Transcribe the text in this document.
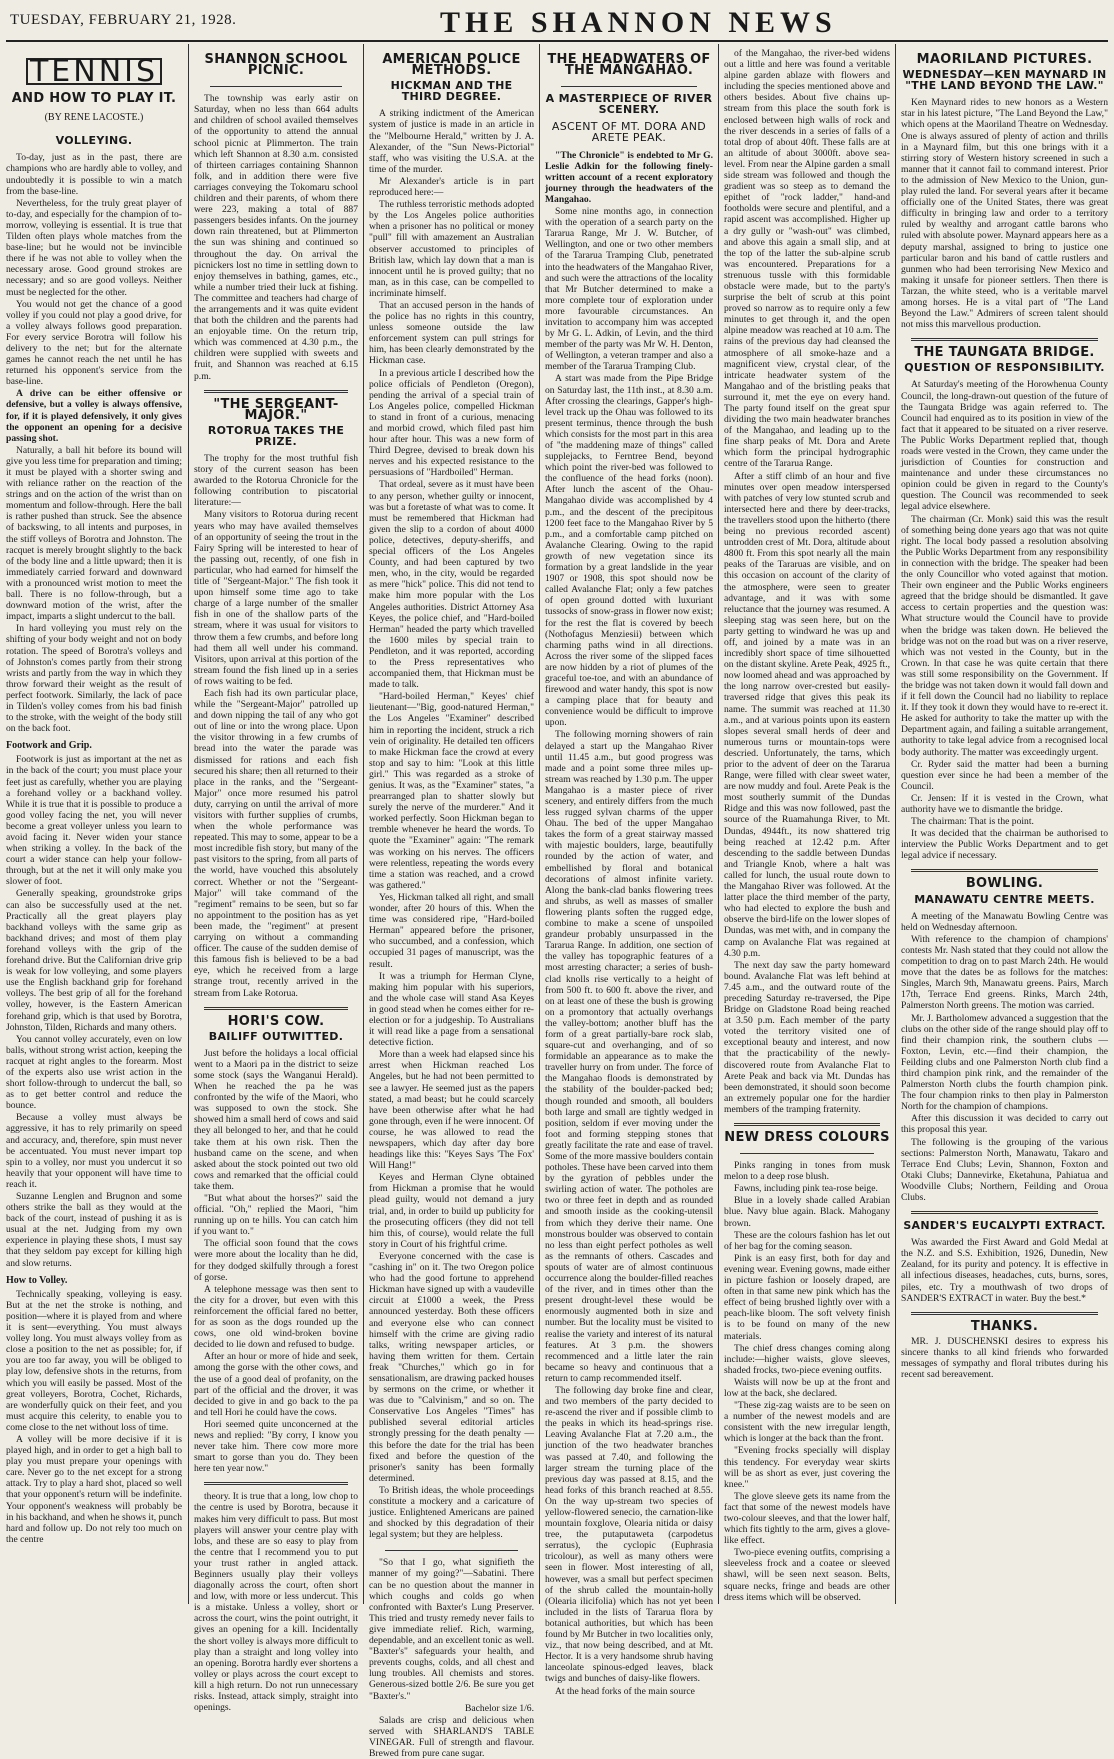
TUESDAY, FEBRUARY 21, 1928.	THE SHANNON NEWS
TENNIS
AND HOW TO PLAY IT.
(BY RENE LACOSTE.)
VOLLEYING.

To-day, just as in the past, there are champions who are hardly able to volley, and undoubtedly it is possible to win a match from the base-line.

Nevertheless, for the truly great player of to-day, and especially for the champion of to-morrow, volleying is essential. It is true that Tilden often plays whole matches from the base-line; but he would not be invincible there if he was not able to volley when the necessary arose. Good ground strokes are necessary; and so are good volleys. Neither must be neglected for the other.

You would not get the chance of a good volley if you could not play a good drive, for a volley always follows good preparation. For every service Borotra will follow his delivery to the net; but for the alternate games he cannot reach the net until he has returned his opponent's service from the base-line.

A drive can be either offensive or defensive, but a volley is always offensive, for, if it is played defensively, it only gives the opponent an opening for a decisive passing shot.

Naturally, a ball hit before its bound will give you less time for preparation and timing; it must be played with a shorter swing and with reliance rather on the reaction of the strings and on the action of the wrist than on momentum and follow-through. Here the ball is rather pushed than struck. See the absence of backswing, to all intents and purposes, in the stiff volleys of Borotra and Johnston. The racquet is merely brought slightly to the back of the body line and a little upward; then it is immediately carried forward and downward with a pronounced wrist motion to meet the ball. There is no follow-through, but a downward motion of the wrist, after the impact, imparts a slight undercut to the ball.

In hard volleying you must rely on the shifting of your body weight and not on body rotation. The speed of Borotra's volleys and of Johnston's comes partly from their strong wrists and partly from the way in which they throw forward their weight as the result of perfect footwork. Similarly, the lack of pace in Tilden's volley comes from his bad finish to the stroke, with the weight of the body still on the back foot.

Footwork and Grip.

Footwork is just as important at the net as in the back of the court; you must place your feet just as carefully, whether you are playing a forehand volley or a backhand volley. While it is true that it is possible to produce a good volley facing the net, you will never become a great volleyer unless you learn to avoid facing it. Never widen your stance when striking a volley. In the back of the court a wider stance can help your follow-through, but at the net it will only make you slower of foot.

Generally speaking, groundstroke grips can also be successfully used at the net. Practically all the great players play backhand volleys with the same grip as backhand drives; and most of them play forehand volleys with the grip of the forehand drive. But the Californian drive grip is weak for low volleying, and some players use the English backhand grip for forehand volleys. The best grip of all for the forehand volley, however, is the Eastern American forehand grip, which is that used by Borotra, Johnston, Tilden, Richards and many others.

You cannot volley accurately, even on low balls, without strong wrist action, keeping the racquet at right angles to the forearm. Most of the experts also use wrist action in the short follow-through to undercut the ball, so as to get better control and reduce the bounce.

Because a volley must always be aggressive, it has to rely primarily on speed and accuracy, and, therefore, spin must never be accentuated. You must never impart top spin to a volley, nor must you undercut it so heavily that your opponent will have time to reach it.

Suzanne Lenglen and Brugnon and some others strike the ball as they would at the back of the court, instead of pushing it as is usual at the net. Judging from my own experience in playing these shots, I must say that they seldom pay except for killing high and slow returns.

How to Volley.

Technically speaking, volleying is easy. But at the net the stroke is nothing, and position—where it is played from and where it is sent—everything. You must always volley long. You must always volley from as close a position to the net as possible; for, if you are too far away, you will be obliged to play low, defensive shots in the returns, from which you will easily be passed. Most of the great volleyers, Borotra, Cochet, Richards, are wonderfully quick on their feet, and you must acquire this celerity, to enable you to come close to the net without loss of time.

A volley will be more decisive if it is played high, and in order to get a high ball to play you must prepare your openings with care. Never go to the net except for a strong attack. Try to play a hard shot, placed so well that your opponent's return will be indefinite. Your opponent's weakness will probably be in his backhand, and when he shows it, punch hard and follow up. Do not rely too much on the centre

SHANNON SCHOOL PICNIC.

The township was early astir on Saturday, when no less than 664 adults and children of school availed themselves of the opportunity to attend the annual school picnic at Plimmerton. The train which left Shannon at 8.30 a.m. consisted of thirteen carriages containing Shannon folk, and in addition there were five carriages conveying the Tokomaru school children and their parents, of whom there were 223, making a total of 887 passengers besides infants. On the journey down rain threatened, but at Plimmerton the sun was shining and continued so throughout the day. On arrival the picnickers lost no time in settling down to enjoy themselves in bathing, games, etc., while a number tried their luck at fishing. The committee and teachers had charge of the arrangements and it was quite evident that both the children and the parents had an enjoyable time. On the return trip, which was commenced at 4.30 p.m., the children were supplied with sweets and fruit, and Shannon was reached at 6.15 p.m.

"THE SERGEANT-MAJOR."
ROTORUA TAKES THE PRIZE.

The trophy for the most truthful fish story of the current season has been awarded to the Rotorua Chronicle for the following contribution to piscatorial literature:—

Many visitors to Rotorua during recent years who may have availed themselves of an opportunity of seeing the trout in the Fairy Spring will be interested to hear of the passing out, recently, of one fish in particular, who had earned for himself the title of "Sergeant-Major." The fish took it upon himself some time ago to take charge of a large number of the smaller fish in one of the shallow parts of the stream, where it was usual for visitors to throw them a few crumbs, and before long had them all well under his command. Visitors, upon arrival at this portion of the stream found the fish lined up in a series of rows waiting to be fed.

Each fish had its own particular place, while the "Sergeant-Major" patrolled up and down nipping the tail of any who got out of line or into the wrong place. Upon the visitor throwing in a few crumbs of bread into the water the parade was dismissed for rations and each fish secured his share; then all returned to their place in the ranks, and the "Sergeant-Major" once more resumed his patrol duty, carrying on until the arrival of more visitors with further supplies of crumbs, when the whole performance was repeated. This may to some, appear to be a most incredible fish story, but many of the past visitors to the spring, from all parts of the world, have vouched this absolutely correct. Whether or not the "Sergeant-Major" will take command of the "regiment" remains to be seen, but so far no appointment to the position has as yet been made, the "regiment" at present carrying on without a commanding officer. The cause of the sudden demise of this famous fish is believed to be a bad eye, which he received from a large strange trout, recently arrived in the stream from Lake Rotorua.

HORI'S COW.
BAILIFF OUTWITTED.

Just before the holidays a local official went to a Maori pa in the district to seize some stock (says the Wanganui Herald). When he reached the pa he was confronted by the wife of the Maori, who was supposed to own the stock. She showed him a small herd of cows and said they all belonged to her, and that he could take them at his own risk. Then the husband came on the scene, and when asked about the stock pointed out two old cows and remarked that the official could take them.

"But what about the horses?" said the official. "Oh," replied the Maori, "him running up on te hills. You can catch him if you want to."

The official soon found that the cows were more about the locality than he did, for they dodged skilfully through a forest of gorse.

A telephone message was then sent to the city for a drover, but even with this reinforcement the official fared no better, for as soon as the dogs rounded up the cows, one old wind-broken bovine decided to lie down and refused to budge.

After an hour or more of hide and seek, among the gorse with the other cows, and the use of a good deal of profanity, on the part of the official and the drover, it was decided to give in and go back to the pa and tell Hori he could have the cows.

Hori seemed quite unconcerned at the news and replied: "By corry, I know you never take him. There cow more more smart to gorse than you do. They been here ten year now."

theory. It is true that a long, low chop to the centre is used by Borotra, because it makes him very difficult to pass. But most players will answer your centre play with lobs, and these are so easy to play from the centre that I recommend you to put your trust rather in angled attack. Beginners usually play their volleys diagonally across the court, often short and low, with more or less undercut. This is a mistake. Unless a volley, short or across the court, wins the point outright, it gives an opening for a kill. Incidentally the short volley is always more difficult to play than a straight and long volley into an opening. Borotra hardly ever shortens a volley or plays across the court except to kill a high return. Do not run unnecessary risks. Instead, attack simply, straight into openings.

AMERICAN POLICE METHODS.
HICKMAN AND THE THIRD DEGREE.

A striking indictment of the American system of justice is made in an article in the "Melbourne Herald," written by J. A. Alexander, of the "Sun News-Pictorial" staff, who was visiting the U.S.A. at the time of the murder.

Mr Alexander's article is in part reproduced here:—

The ruthless terroristic methods adopted by the Los Angeles police authorities when a prisoner has no political or money "pull" fill with amazement an Australian observer accustomed to principles of British law, which lay down that a man is innocent until he is proved guilty; that no man, as in this case, can be compelled to incriminate himself.

That an accused person in the hands of the police has no rights in this country, unless someone outside the law enforcement system can pull strings for him, has been clearly demonstrated by the Hickman case.

In a previous article I described how the police officials of Pendleton (Oregon), pending the arrival of a special train of Los Angeles police, compelled Hickman to stand in front of a curious, menacing and morbid crowd, which filed past him hour after hour. This was a new form of Third Degree, devised to break down his nerves and his expected resistance to the persuasions of "Hardboiled" Herman.

That ordeal, severe as it must have been to any person, whether guilty or innocent, was but a foretaste of what was to come. It must be remembered that Hickman had given the slip to a cordon of about 4000 police, detectives, deputy-sheriffs, and special officers of the Los Angeles County, and had been captured by two men, who, in the city, would be regarded as mere "hick" police. This did not tend to make him more popular with the Los Angeles authorities. District Attorney Asa Keyes, the police chief, and "Hard-boiled Herman" headed the party which travelled the 1600 miles by special train to Pendleton, and it was reported, according to the Press representatives who accompanied them, that Hickman must be made to talk.

"Hard-boiled Herman," Keyes' chief lieutenant—"Big, good-natured Herman," the Los Angeles "Examiner" described him in reporting the incident, struck a rich vein of originality. He detailed ten officers to make Hickman face the crowd at every stop and say to him: "Look at this little girl." This was regarded as a stroke of genius. It was, as the "Examiner" states, "a prearranged plan to shatter slowly but surely the nerve of the murderer." And it worked perfectly. Soon Hickman began to tremble whenever he heard the words. To quote the "Examiner" again: "The remark was working on his nerves. The officers were relentless, repeating the words every time a station was reached, and a crowd was gathered."

Yes, Hickman talked all right, and small wonder, after 20 hours of this. When the time was considered ripe, "Hard-boiled Herman" appeared before the prisoner, who succumbed, and a confession, which occupied 31 pages of manuscript, was the result.

It was a triumph for Herman Clyne, making him popular with his superiors, and the whole case will stand Asa Keyes in good stead when he comes either for re-election or for a judgeship. To Australians it will read like a page from a sensational detective fiction.

More than a week had elapsed since his arrest when Hickman reached Los Angeles, but he had not been permitted to see a lawyer. He seemed just as the papers stated, a mad beast; but he could scarcely have been otherwise after what he had gone through, even if he were innocent. Of course, he was allowed to read the newspapers, which day after day bore headings like this: "Keyes Says 'The Fox' Will Hang!"

Keyes and Herman Clyne obtained from Hickman a promise that he would plead guilty, would not demand a jury trial, and, in order to build up publicity for the prosecuting officers (they did not tell him this, of course), would relate the full story in Court of his frightful crime.

Everyone concerned with the case is "cashing in" on it. The two Oregon police who had the good fortune to apprehend Hickman have signed up with a vaudeville circuit at £1000 a week, the Press announced yesterday. Both these officers and everyone else who can connect himself with the crime are giving radio talks, writing newspaper articles, or having them written for them. Certain freak "Churches," which go in for sensationalism, are drawing packed houses by sermons on the crime, or whether it was due to "Calvinism," and so on. The Conservative Los Angeles "Times" has published several editorial articles strongly pressing for the death penalty —this before the date for the trial has been fixed and before the question of the prisoner's sanity has been formally determined.

To British ideas, the whole proceedings constitute a mockery and a caricature of justice. Enlightened Americans are pained and shocked by this degradation of their legal system; but they are helpless.

"So that I go, what signifieth the manner of my going?"—Sabatini. There can be no question about the manner in which coughs and colds go when confronted with Baxter's Lung Preserver. This tried and trusty remedy never fails to give immediate relief. Rich, warming, dependable, and an excellent tonic as well. "Baxter's" safeguards your health, and prevents coughs, colds, and all chest and lung troubles. All chemists and stores. Generous-sized bottle 2/6. Be sure you get "Baxter's."

Bachelor size 1/6.

Salads are crisp and delicious when served with SHARLAND'S TABLE VINEGAR. Full of strength and flavour. Brewed from pure cane sugar.

THE HEADWATERS OF THE MANGAHAO.
A MASTERPIECE OF RIVER SCENERY.
ASCENT OF MT. DORA AND ARETE PEAK.

"The Chronicle" is endebted to Mr G. Leslie Adkin for the following finely-written account of a recent exploratory journey through the headwaters of the Mangahao.

Some nine months ago, in connection with the operation of a search party on the Tararua Range, Mr J. W. Butcher, of Wellington, and one or two other members of the Tararua Tramping Club, penetrated into the headwaters of the Mangahao River, and such were the attractions of the locality that Mr Butcher determined to make a more complete tour of exploration under more favourable circumstances. An invitation to accompany him was accepted by Mr G. L. Adkin, of Levin, and the third member of the party was Mr W. H. Denton, of Wellington, a veteran tramper and also a member of the Tararua Tramping Club.

A start was made from the Pipe Bridge on Saturday last, the 11th inst., at 8.30 a.m. After crossing the clearings, Gapper's high-level track up the Ohau was followed to its present terminus, thence through the bush which consists for the most part in this area of "the maddening maze of things" called supplejacks, to Ferntree Bend, beyond which point the river-bed was followed to the confluence of the head forks (noon). After lunch the ascent of the Ohau-Mangahao divide was accomplished by 4 p.m., and the descent of the precipitous 1200 feet face to the Mangahao River by 5 p.m., and a comfortable camp pitched on Avalanche Clearing. Owing to the rapid growth of new vegetation since its formation by a great landslide in the year 1907 or 1908, this spot should now be called Avalanche Flat; only a few patches of open ground dotted with luxuriant tussocks of snow-grass in flower now exist; for the rest the flat is covered by beech (Nothofagus Menziesii) between which charming paths wind in all directions. Across the river some of the slipped faces are now hidden by a riot of plumes of the graceful toe-toe, and with an abundance of firewood and water handy, this spot is now a camping place that for beauty and convenience would be difficult to improve upon.

The following morning showers of rain delayed a start up the Mangahao River until 11.45 a.m., but good progress was made and a point some three miles up-stream was reached by 1.30 p.m. The upper Mangahao is a master piece of river scenery, and entirely differs from the much less rugged sylvan charms of the upper Ohau. The bed of the upper Mangahao takes the form of a great stairway massed with majestic boulders, large, beautifully rounded by the action of water, and embellished by floral and botanical decorations of almost infinite variety. Along the bank-clad banks flowering trees and shrubs, as well as masses of smaller flowering plants soften the rugged edge, combine to make a scene of unspoiled grandeur probably unsurpassed in the Tararua Range. In addition, one section of the valley has topographic features of a most arresting character; a series of bush-clad knolls rise vertically to a height of from 500 ft. to 600 ft. above the river, and on at least one of these the bush is growing on a promontory that actually overhangs the valley-bottom; another bluff has the form of a great partially-bare rock slab, square-cut and overhanging, and of so formidable an appearance as to make the traveller hurry on from under. The force of the Mangahao floods is demonstrated by the stability of the boulder-packed bed; though rounded and smooth, all boulders both large and small are tightly wedged in position, seldom if ever moving under the foot and forming stepping stones that greatly facilitate the rate and ease of travel. Some of the more massive boulders contain potholes. These have been carved into them by the gyration of pebbles under the swirling action of water. The potholes are two or three feet in depth and as rounded and smooth inside as the cooking-utensil from which they derive their name. One monstrous boulder was observed to contain no less than eight perfect potholes as well as the remnants of others. Cascades and spouts of water are of almost continuous occurrence along the boulder-filled reaches of the river, and in times other than the present drought-level these would be enormously augmented both in size and number. But the locality must be visited to realise the variety and interest of its natural features. At 3 p.m. the showers recommenced and a little later the rain became so heavy and continuous that a return to camp recommended itself.

The following day broke fine and clear, and two members of the party decided to re-ascend the river and if possible climb to the peaks in which its head-springs rise. Leaving Avalanche Flat at 7.20 a.m., the junction of the two headwater branches was passed at 7.40, and following the larger stream the turning place of the previous day was passed at 8.15, and the head forks of this branch reached at 8.55. On the way up-stream two species of yellow-flowered senecio, the carnation-like mountain foxglove, Olearia nitida or daisy tree, the putaputaweta (carpodetus serratus), the cyclopic (Euphrasia tricolour), as well as many others were seen in flower. Most interesting of all, however, was a small but perfect specimen of the shrub called the mountain-holly (Olearia ilicifolia) which has not yet been included in the lists of Tararua flora by botanical authorities, but which has been found by Mr Butcher in two localities only, viz., that now being described, and at Mt. Hector. It is a very handsome shrub having lanceolate spinous-edged leaves, black twigs and bunches of daisy-like flowers.

At the head forks of the main source

of the Mangahao, the river-bed widens out a little and here was found a veritable alpine garden ablaze with flowers and including the species mentioned above and others besides. About five chains up-stream from this place the south fork is enclosed between high walls of rock and the river descends in a series of falls of a total drop of about 40ft. These falls are at an altitude of about 3000ft. above sea-level. From near the Alpine garden a small side stream was followed and though the gradient was so steep as to demand the epithet of "rock ladder," hand-and footholds were secure and plentiful, and a rapid ascent was accomplished. Higher up a dry gully or "wash-out" was climbed, and above this again a small slip, and at the top of the latter the sub-alpine scrub was encountered. Preparations for a strenuous tussle with this formidable obstacle were made, but to the party's surprise the belt of scrub at this point proved so narrow as to require only a few minutes to get through it, and the open alpine meadow was reached at 10 a.m. The rains of the previous day had cleansed the atmosphere of all smoke-haze and a magnificent view, crystal clear, of the intricate headwater system of the Mangahao and of the bristling peaks that surround it, met the eye on every hand. The party found itself on the great spur dividing the two main headwater branches of the Mangahao, and leading up to the fine sharp peaks of Mt. Dora and Arete which form the principal hydrographic centre of the Tararua Range.

After a stiff climb of an hour and five minutes over open meadow interspersed with patches of very low stunted scrub and intersected here and there by deer-tracks, the travellers stood upon the hitherto (there being no previous recorded ascent) untrodden crest of Mt. Dora, altitude about 4800 ft. From this spot nearly all the main peaks of the Tararuas are visible, and on this occasion on account of the clarity of the atmosphere, were seen to greater advantage, and it was with some reluctance that the journey was resumed. A sleeping stag was seen here, but on the party getting to windward he was up and off, and joined by a mate was in an incredibly short space of time silhouetted on the distant skyline. Arete Peak, 4925 ft., now loomed ahead and was approached by the long narrow over-crested but easily-traversed ridge that gives this peak its name. The summit was reached at 11.30 a.m., and at various points upon its eastern slopes several small herds of deer and numerous turns or mountain-tops were descried. Unfortunately, the tarns, which prior to the advent of deer on the Tararua Range, were filled with clear sweet water, are now muddy and foul. Arete Peak is the most southerly summit of the Dundas Ridge and this was now followed, past the source of the Ruamahunga River, to Mt. Dundas, 4944ft., its now shattered trig being reached at 12.42 p.m. After descending to the saddle between Dundas and Triangle Knob, where a halt was called for lunch, the usual route down to the Mangahao River was followed. At the latter place the third member of the party, who had elected to explore the bush and observe the bird-life on the lower slopes of Dundas, was met with, and in company the camp on Avalanche Flat was regained at 4.30 p.m.

The next day saw the party homeward bound. Avalanche Flat was left behind at 7.45 a.m., and the outward route of the preceding Saturday re-traversed, the Pipe Bridge on Gladstone Road being reached at 3.50 p.m. Each member of the party voted the territory visited one of exceptional beauty and interest, and now that the practicability of the newly-discovered route from Avalanche Flat to Arete Peak and back via Mt. Dundas has been demonstrated, it should soon become an extremely popular one for the hardier members of the tramping fraternity.

NEW DRESS COLOURS

Pinks ranging in tones from musk melon to a deep rose blush.

Fawns, including pink tea-rose beige.

Blue in a lovely shade called Arabian blue. Navy blue again. Black. Mahogany brown.

These are the colours fashion has let out of her bag for the coming season.

Pink is an easy first, both for day and evening wear. Evening gowns, made either in picture fashion or loosely draped, are often in that same new pink which has the effect of being brushed lightly over with a peach-like bloom. The soft velvety finish is to be found on many of the new materials.

The chief dress changes coming along include:—higher waists, glove sleeves, shaded frocks, two-piece evening outfits.

Waists will now be up at the front and low at the back, she declared.

"These zig-zag waists are to be seen on a number of the newest models and are consistent with the new irregular length, which is longer at the back than the front.

"Evening frocks specially will display this tendency. For everyday wear skirts will be as short as ever, just covering the knee."

The glove sleeve gets its name from the fact that some of the newest models have two-colour sleeves, and that the lower half, which fits tightly to the arm, gives a glove-like effect.

Two-piece evening outfits, comprising a sleeveless frock and a coatee or sleeved shawl, will be seen next season. Belts, square necks, fringe and beads are other dress items which will be observed.

MAORILAND PICTURES.
WEDNESDAY—KEN MAYNARD IN "THE LAND BEYOND THE LAW."

Ken Maynard rides to new honors as a Western star in his latest picture, "The Land Beyond the Law," which opens at the Maoriland Theatre on Wednesday. One is always assured of plenty of action and thrills in a Maynard film, but this one brings with it a stirring story of Western history screened in such a manner that it cannot fail to command interest. Prior to the admission of New Mexico to the Union, gun-play ruled the land. For several years after it became officially one of the United States, there was great difficulty in bringing law and order to a territory ruled by wealthy and arrogant cattle barons who ruled with absolute power. Maynard appears here as a deputy marshal, assigned to bring to justice one particular baron and his band of cattle rustlers and gunmen who had been terrorising New Mexico and making it unsafe for pioneer settlers. Then there is Tarzan, the white steed, who is a veritable marvel among horses. He is a vital part of "The Land Beyond the Law." Admirers of screen talent should not miss this marvellous production.

THE TAUNGATA BRIDGE.
QUESTION OF RESPONSIBILITY.

At Saturday's meeting of the Horowhenua County Council, the long-drawn-out question of the future of the Taungata Bridge was again referred to. The Council had enquired as to its position in view of the fact that it appeared to be situated on a river reserve. The Public Works Department replied that, though roads were vested in the Crown, they came under the jurisdiction of Counties for construction and maintenance and under these circumstances no opinion could be given in regard to the County's question. The Council was recommended to seek legal advice elsewhere.

The chairman (Cr. Monk) said this was the result of something being done years ago that was not quite right. The local body passed a resolution absolving the Public Works Department from any responsibility in connection with the bridge. The speaker had been the only Councillor who voted against that motion. Their own engineer and the Public Works engineers agreed that the bridge should be dismantled. It gave access to certain properties and the question was: What structure would the Council have to provide when the bridge was taken down. He believed the bridge was not on the road but was on a river reserve, which was not vested in the County, but in the Crown. In that case he was quite certain that there was still some responsibility on the Government. If the bridge was not taken down it would fall down and if it fell down the Council had no liability to replace it. If they took it down they would have to re-erect it. He asked for authority to take the matter up with the Department again, and failing a suitable arrangement, authority to take legal advice from a recognised local body authority. The matter was exceedingly urgent.

Cr. Ryder said the matter had been a burning question ever since he had been a member of the Council.

Cr. Jensen: If it is vested in the Crown, what authority have we to dismantle the bridge.

The chairman: That is the point.

It was decided that the chairman be authorised to interview the Public Works Department and to get legal advice if necessary.

BOWLING.
MANAWATU CENTRE MEETS.

A meeting of the Manawatu Bowling Centre was held on Wednesday afternoon.

With reference to the champion of champions' contests Mr. Nash stated that they could not allow the competition to drag on to past March 24th. He would move that the dates be as follows for the matches: Singles, March 9th, Manawatu greens. Pairs, March 17th, Terrace End greens. Rinks, March 24th, Palmerston North greens. The motion was carried.

Mr. J. Bartholomew advanced a suggestion that the clubs on the other side of the range should play off to find their champion rink, the southern clubs —Foxton, Levin, etc.—find their champion, the Feilding clubs and one Palmerston North club find a third champion pink rink, and the remainder of the Palmerston North clubs the fourth champion pink. The four champion rinks to then play in Palmerston North for the champion of champions.

After this discussion it was decided to carry out this proposal this year.

The following is the grouping of the various sections: Palmerston North, Manawatu, Takaro and Terrace End Clubs; Levin, Shannon, Foxton and Otaki Clubs; Dannevirke, Eketahuna, Pahiatua and Woodville Clubs; Northern, Feilding and Oroua Clubs.

SANDER'S EUCALYPTI EXTRACT.

Was awarded the First Award and Gold Medal at the N.Z. and S.S. Exhibition, 1926, Dunedin, New Zealand, for its purity and potency. It is effective in all infectious diseases, headaches, cuts, burns, sores, piles, etc. Try a mouthwash of two drops of SANDER'S EXTRACT in water. Buy the best.*

THANKS.

MR. J. DUSCHENSKI desires to express his sincere thanks to all kind friends who forwarded messages of sympathy and floral tributes during his recent sad bereavement.
